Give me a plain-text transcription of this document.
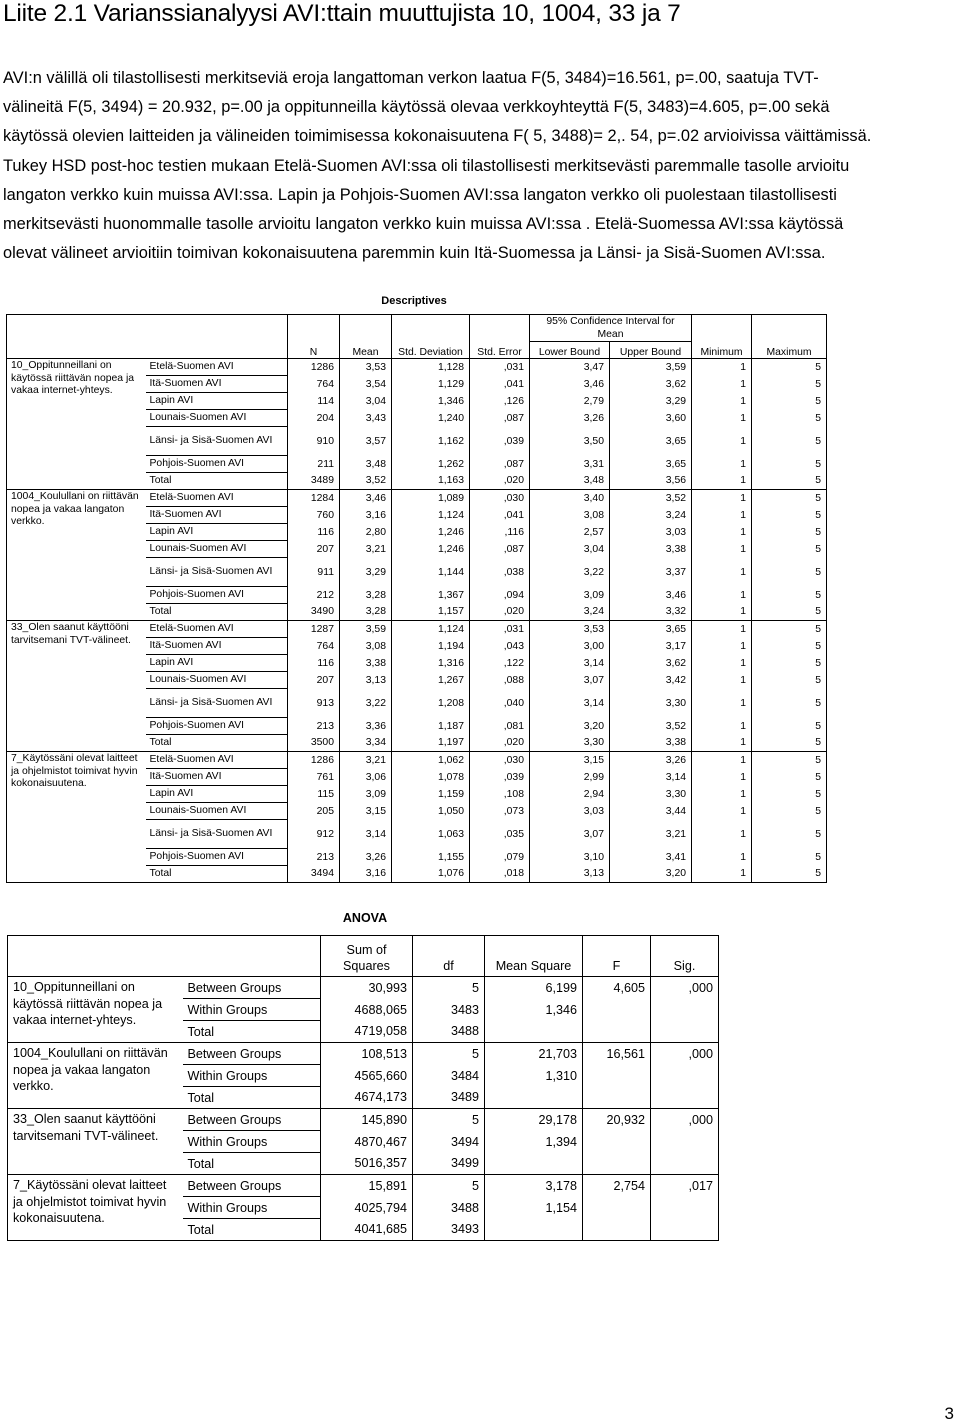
Liite 2.1 Varianssianalyysi AVI:ttain muuttujista 10, 1004, 33 ja 7
AVI:n välillä oli tilastollisesti merkitseviä eroja langattoman verkon laatua F(5, 3484)=16.561, p=.00, saatuja TVT-
välineitä F(5, 3494) = 20.932, p=.00 ja oppitunneilla käytössä olevaa verkkoyhteyttä F(5, 3483)=4.605, p=.00 sekä
käytössä olevien laitteiden ja välineiden toimimisessa kokonaisuutena F( 5, 3488)= 2,. 54, p=.02 arvioivissa väittämissä.
Tukey HSD post-hoc testien mukaan Etelä-Suomen AVI:ssa oli tilastollisesti merkitsevästi paremmalle tasolle arvioitu
langaton verkko kuin muissa AVI:ssa. Lapin ja Pohjois-Suomen AVI:ssa langaton verkko oli puolestaan tilastollisesti
merkitsevästi huonommalle tasolle arvioitu langaton verkko kuin muissa AVI:ssa . Etelä-Suomessa AVI:ssa käytössä
olevat välineet arvioitiin toimivan kokonaisuutena paremmin kuin Itä-Suomessa ja Länsi- ja Sisä-Suomen AVI:ssa.
Descriptives
		N	Mean	Std. Deviation	Std. Error	95% Confidence Interval for Mean		Minimum	Maximum
						Lower Bound	Upper Bound		
10_Oppitunneillani on käytössä riittävän nopea ja vakaa internet-yhteys.	Etelä-Suomen AVI	1286	3,53	1,128	,031	3,47	3,59	1	5
	Itä-Suomen AVI	764	3,54	1,129	,041	3,46	3,62	1	5
	Lapin AVI	114	3,04	1,346	,126	2,79	3,29	1	5
	Lounais-Suomen AVI	204	3,43	1,240	,087	3,26	3,60	1	5
	Länsi- ja Sisä-Suomen AVI	910	3,57	1,162	,039	3,50	3,65	1	5
	Pohjois-Suomen AVI	211	3,48	1,262	,087	3,31	3,65	1	5
	Total	3489	3,52	1,163	,020	3,48	3,56	1	5
1004_Koulullani on riittävän nopea ja vakaa langaton verkko.	Etelä-Suomen AVI	1284	3,46	1,089	,030	3,40	3,52	1	5
	Itä-Suomen AVI	760	3,16	1,124	,041	3,08	3,24	1	5
	Lapin AVI	116	2,80	1,246	,116	2,57	3,03	1	5
	Lounais-Suomen AVI	207	3,21	1,246	,087	3,04	3,38	1	5
	Länsi- ja Sisä-Suomen AVI	911	3,29	1,144	,038	3,22	3,37	1	5
	Pohjois-Suomen AVI	212	3,28	1,367	,094	3,09	3,46	1	5
	Total	3490	3,28	1,157	,020	3,24	3,32	1	5
33_Olen saanut käyttööni tarvitsemani TVT-välineet.	Etelä-Suomen AVI	1287	3,59	1,124	,031	3,53	3,65	1	5
	Itä-Suomen AVI	764	3,08	1,194	,043	3,00	3,17	1	5
	Lapin AVI	116	3,38	1,316	,122	3,14	3,62	1	5
	Lounais-Suomen AVI	207	3,13	1,267	,088	3,07	3,42	1	5
	Länsi- ja Sisä-Suomen AVI	913	3,22	1,208	,040	3,14	3,30	1	5
	Pohjois-Suomen AVI	213	3,36	1,187	,081	3,20	3,52	1	5
	Total	3500	3,34	1,197	,020	3,30	3,38	1	5
7_Käytössäni olevat laitteet ja ohjelmistot toimivat hyvin kokonaisuutena.	Etelä-Suomen AVI	1286	3,21	1,062	,030	3,15	3,26	1	5
	Itä-Suomen AVI	761	3,06	1,078	,039	2,99	3,14	1	5
	Lapin AVI	115	3,09	1,159	,108	2,94	3,30	1	5
	Lounais-Suomen AVI	205	3,15	1,050	,073	3,03	3,44	1	5
	Länsi- ja Sisä-Suomen AVI	912	3,14	1,063	,035	3,07	3,21	1	5
	Pohjois-Suomen AVI	213	3,26	1,155	,079	3,10	3,41	1	5
	Total	3494	3,16	1,076	,018	3,13	3,20	1	5
ANOVA
		Sum of Squares	df	Mean Square	F	Sig.
10_Oppitunneillani on käytössä riittävän nopea ja vakaa internet-yhteys.	Between Groups	30,993	5	6,199	4,605	,000
	Within Groups	4688,065	3483	1,346		
	Total	4719,058	3488			
1004_Koulullani on riittävän nopea ja vakaa langaton verkko.	Between Groups	108,513	5	21,703	16,561	,000
	Within Groups	4565,660	3484	1,310		
	Total	4674,173	3489			
33_Olen saanut käyttööni tarvitsemani TVT-välineet.	Between Groups	145,890	5	29,178	20,932	,000
	Within Groups	4870,467	3494	1,394		
	Total	5016,357	3499			
7_Käytössäni olevat laitteet ja ohjelmistot toimivat hyvin kokonaisuutena.	Between Groups	15,891	5	3,178	2,754	,017
	Within Groups	4025,794	3488	1,154		
	Total	4041,685	3493			
3
